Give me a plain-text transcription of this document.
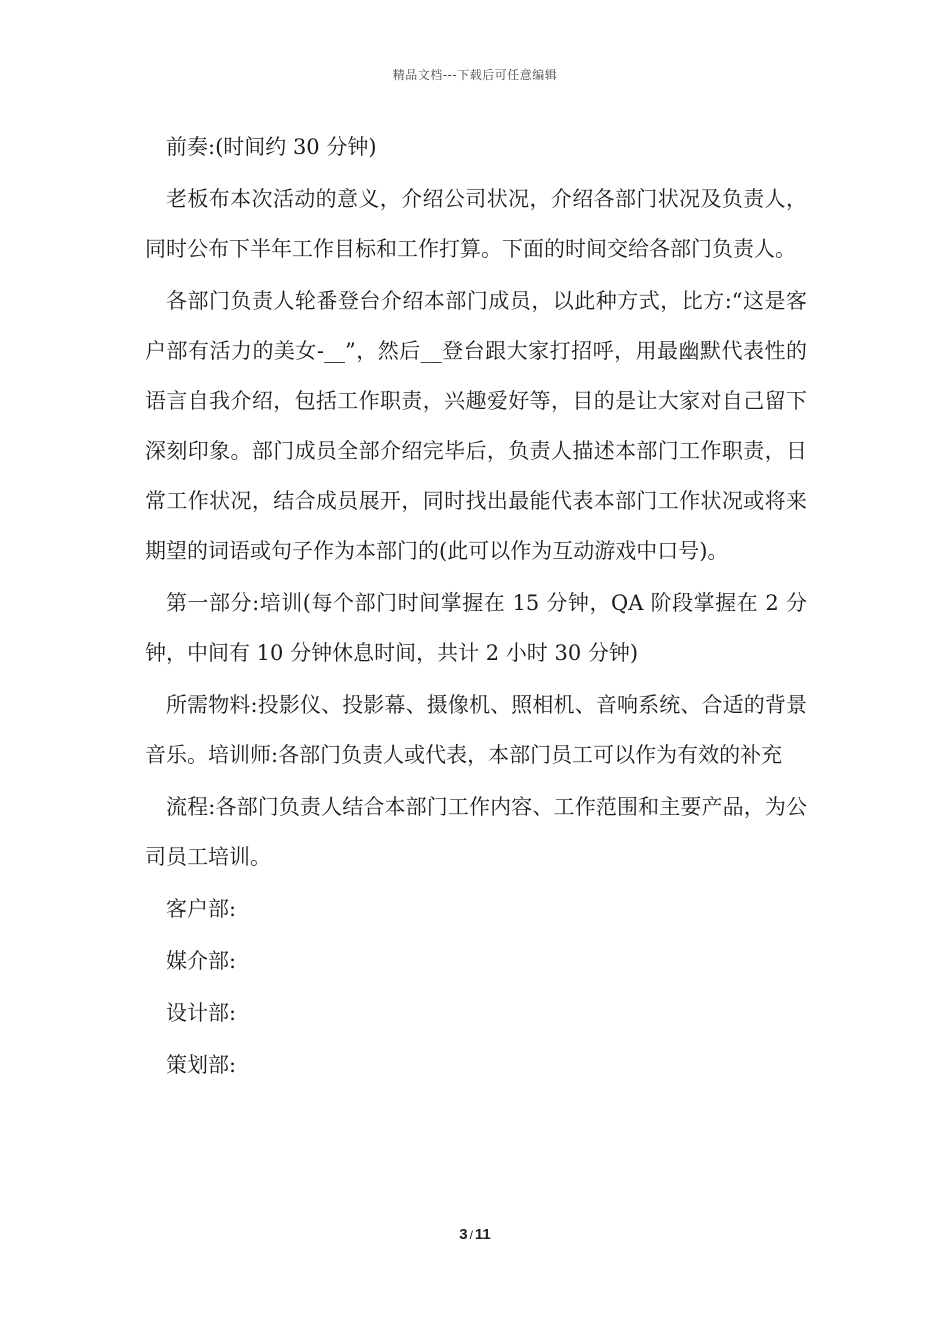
精品文档---下载后可任意编辑

前奏:(时间约 30 分钟)

老板布本次活动的意义，介绍公司状况，介绍各部门状况及负责人，同时公布下半年工作目标和工作打算。下面的时间交给各部门负责人。

各部门负责人轮番登台介绍本部门成员，以此种方式，比方:“这是客户部有活力的美女-__”，然后__登台跟大家打招呼，用最幽默代表性的语言自我介绍，包括工作职责，兴趣爱好等，目的是让大家对自己留下深刻印象。部门成员全部介绍完毕后，负责人描述本部门工作职责，日常工作状况，结合成员展开，同时找出最能代表本部门工作状况或将来期望的词语或句子作为本部门的(此可以作为互动游戏中口号)。

第一部分:培训(每个部门时间掌握在 15 分钟，QA 阶段掌握在 2 分钟，中间有 10 分钟休息时间，共计 2 小时 30 分钟)

所需物料:投影仪、投影幕、摄像机、照相机、音响系统、合适的背景音乐。培训师:各部门负责人或代表，本部门员工可以作为有效的补充

流程:各部门负责人结合本部门工作内容、工作范围和主要产品，为公司员工培训。

客户部:

媒介部:

设计部:

策划部:

3 / 11
